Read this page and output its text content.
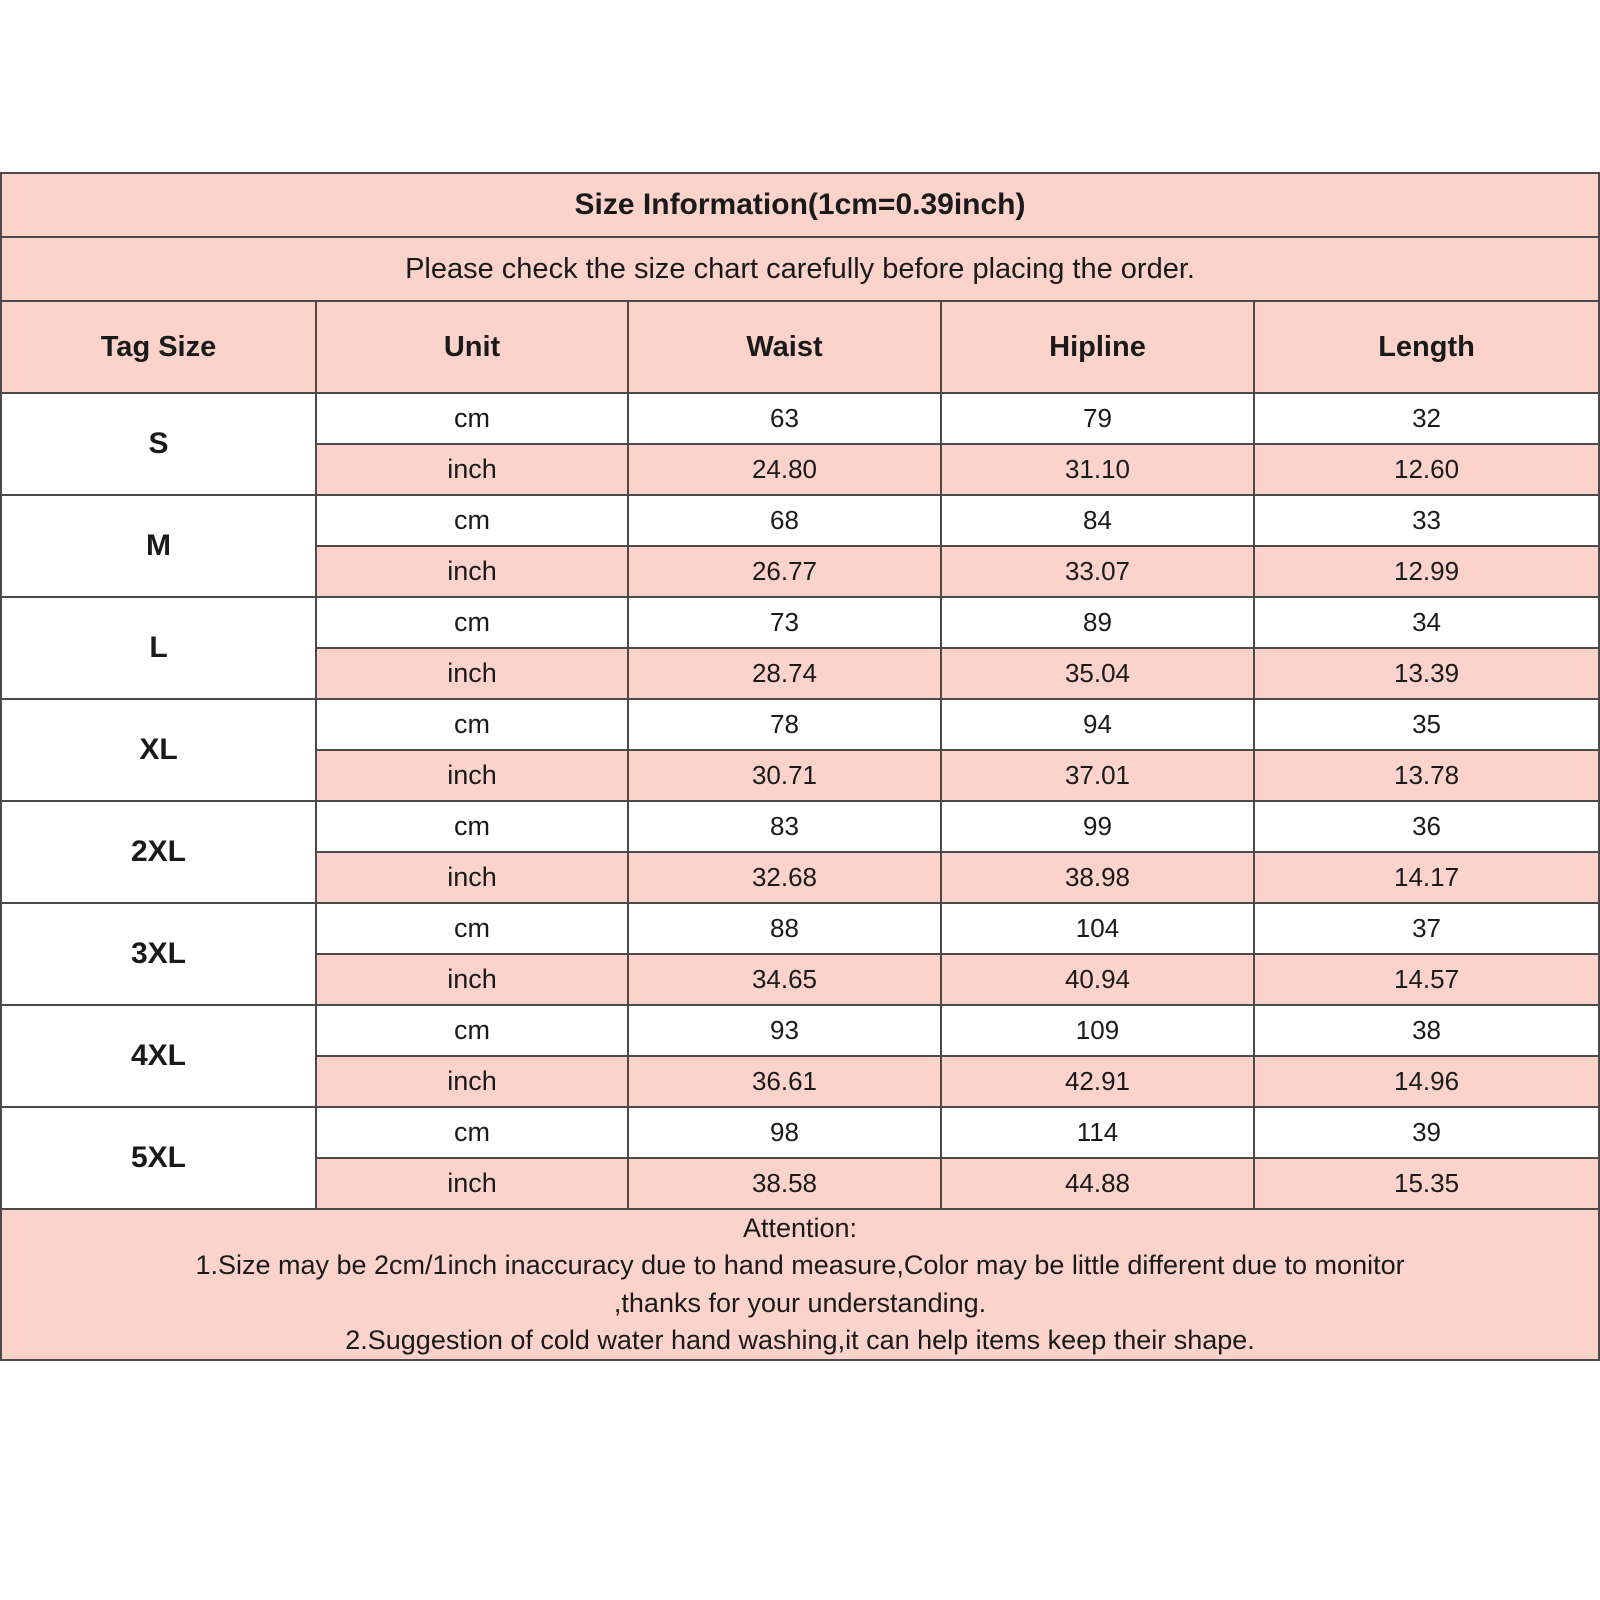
Size Information(1cm=0.39inch)				
Please check the size chart carefully before placing the order.				
Tag Size	Unit	Waist	Hipline	Length
S	cm	63	79	32
	inch	24.80	31.10	12.60
M	cm	68	84	33
	inch	26.77	33.07	12.99
L	cm	73	89	34
	inch	28.74	35.04	13.39
XL	cm	78	94	35
	inch	30.71	37.01	13.78
2XL	cm	83	99	36
	inch	32.68	38.98	14.17
3XL	cm	88	104	37
	inch	34.65	40.94	14.57
4XL	cm	93	109	38
	inch	36.61	42.91	14.96
5XL	cm	98	114	39
	inch	38.58	44.88	15.35

Attention:
1.Size may be 2cm/1inch inaccuracy due to hand measure,Color may be little different due to monitor
,thanks for your understanding.
2.Suggestion of cold water hand washing,it can help items keep their shape.				
